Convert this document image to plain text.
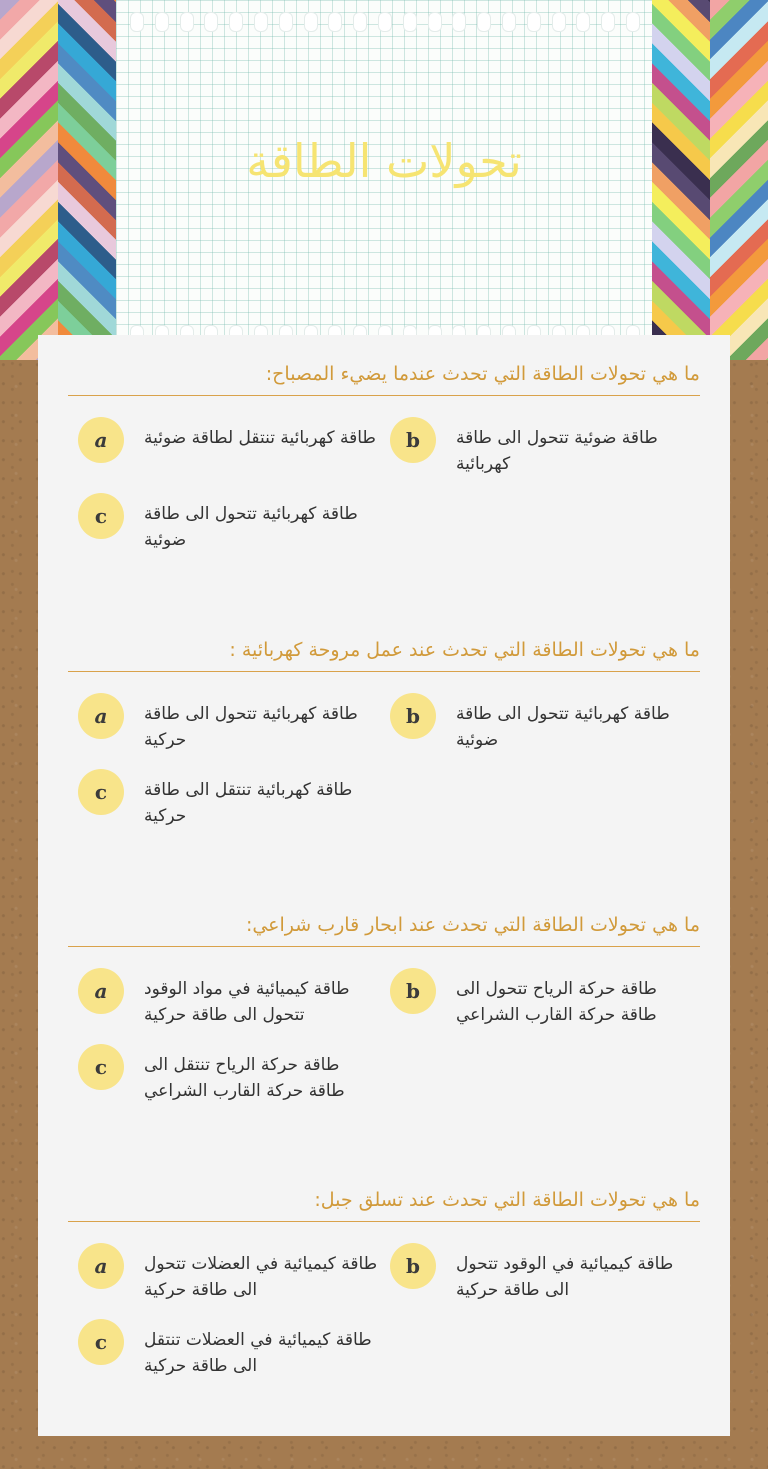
تحولات الطاقة
ما هي تحولات الطاقة التي تحدث عندما يضيء المصباح:
a	طاقة كهربائية تنتقل لطاقة ضوئية	b	طاقة ضوئية تتحول الى طاقة كهربائية
c	طاقة كهربائية تتحول الى طاقة ضوئية
ما هي تحولات الطاقة التي تحدث عند عمل مروحة كهربائية :
a	طاقة كهربائية تتحول الى طاقة حركية
b	طاقة كهربائية تتحول الى طاقة ضوئية
c	طاقة كهربائية تنتقل الى طاقة حركية
ما هي تحولات الطاقة التي تحدث عند ابحار قارب شراعي:
a	طاقة كيميائية في مواد الوقود تتحول الى طاقة حركية
b	طاقة حركة الرياح تتحول الى طاقة حركة القارب الشراعي
c	طاقة حركة الرياح تنتقل الى طاقة حركة القارب الشراعي
ما هي تحولات الطاقة التي تحدث عند تسلق جبل:
a	طاقة كيميائية في العضلات تتحول الى طاقة حركية
b	طاقة كيميائية في الوقود تتحول الى طاقة حركية
c	طاقة كيميائية في العضلات تنتقل الى طاقة حركية
